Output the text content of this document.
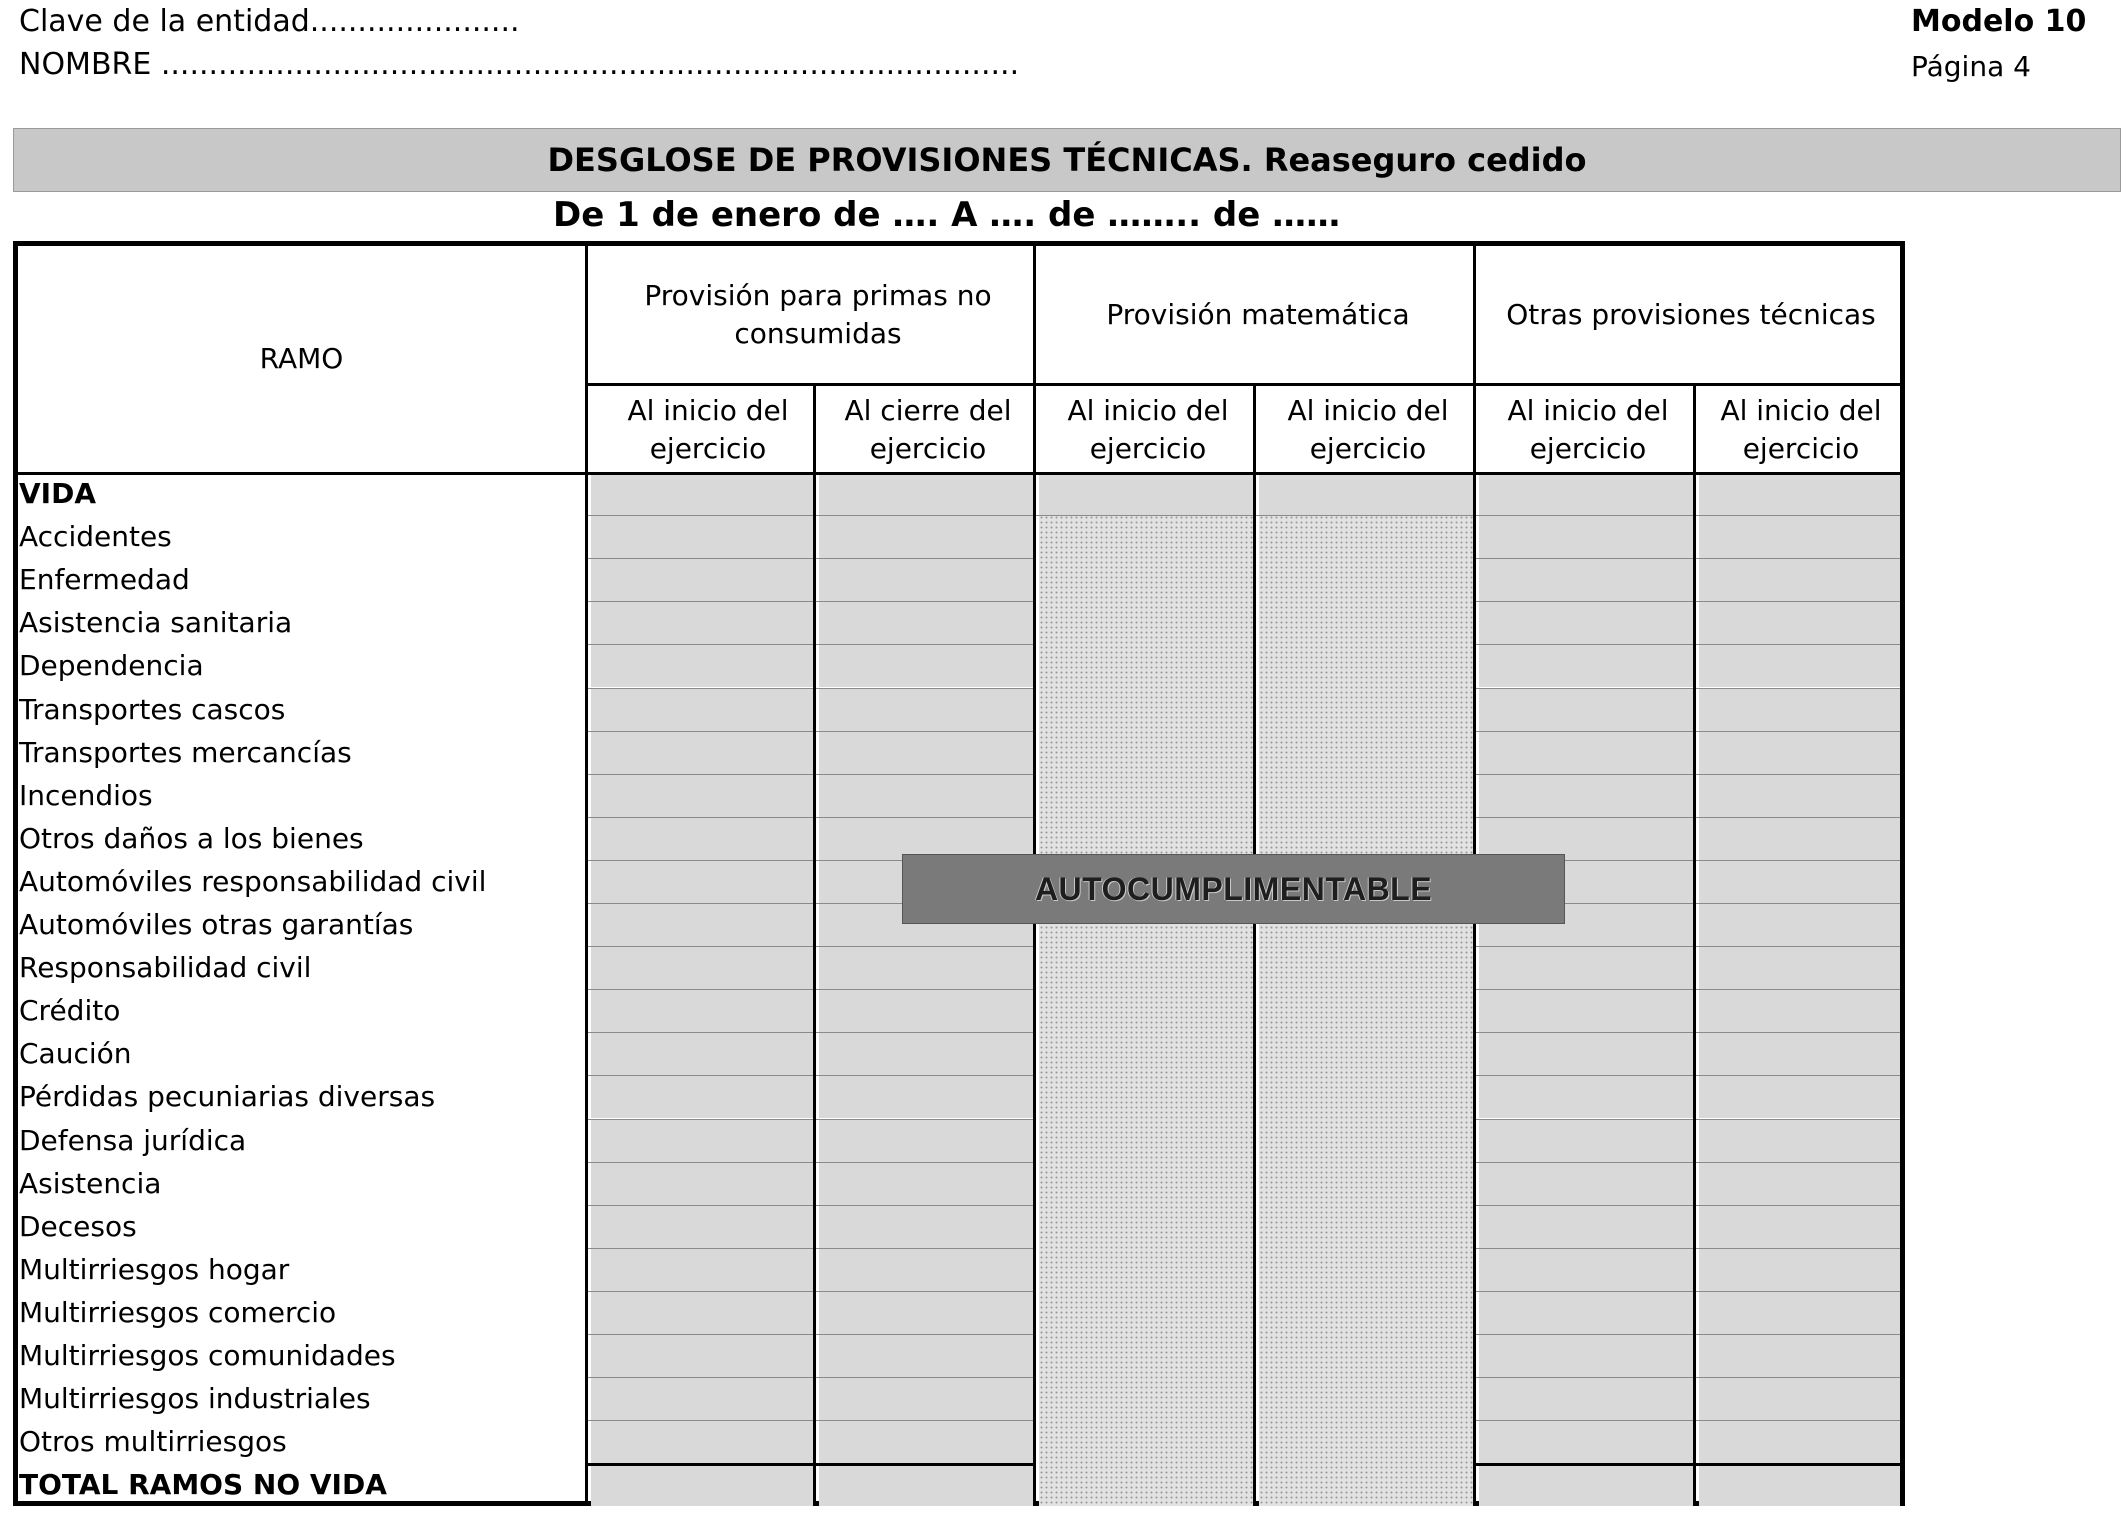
Clave de la entidad......................
NOMBRE ..........................................................................................
Modelo 10
Página 4
DESGLOSE DE PROVISIONES TÉCNICAS. Reaseguro cedido
De 1 de enero de …. A …. de …….. de ……
RAMO
Provisión para primas no consumidas
Provisión matemática	Otras provisiones técnicas
Al inicio del ejercicio
Al cierre del ejercicio
Al inicio del ejercicio
Al inicio del ejercicio
Al inicio del ejercicio
Al inicio del ejercicio
VIDA
Accidentes
Enfermedad
Asistencia sanitaria
Dependencia
Transportes cascos
Transportes mercancías
Incendios
Otros daños a los bienes
Automóviles responsabilidad civil
Automóviles otras garantías
Responsabilidad civil
Crédito
Caución
Pérdidas pecuniarias diversas
Defensa jurídica
Asistencia
Decesos
Multirriesgos hogar
Multirriesgos comercio
Multirriesgos comunidades
Multirriesgos industriales
Otros multirriesgos
TOTAL RAMOS NO VIDA
AUTOCUMPLIMENTABLE
